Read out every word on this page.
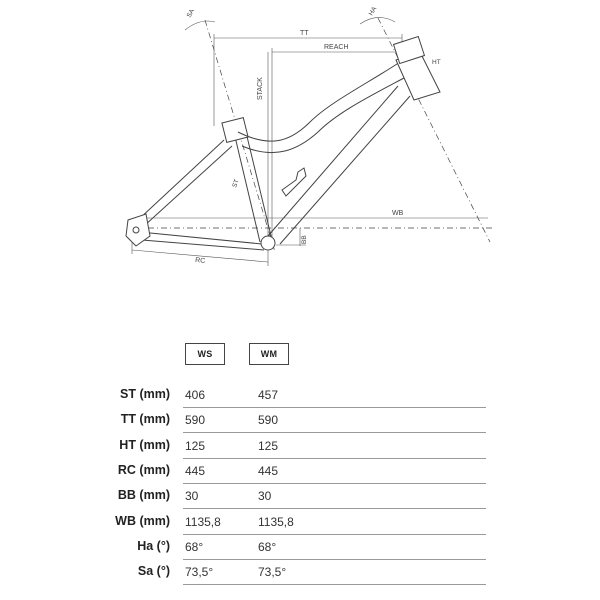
SA	HA
TT
REACH
STACK
WB
RC
BB
HT
ST
WS	WM
ST (mm) 406	457
TT (mm) 590	590
HT (mm) 125	125
RC (mm) 445	445
BB (mm) 30	30
WB (mm) 1135,8	1135,8
Ha (°) 68°	68°
Sa (°) 73,5°	73,5°
